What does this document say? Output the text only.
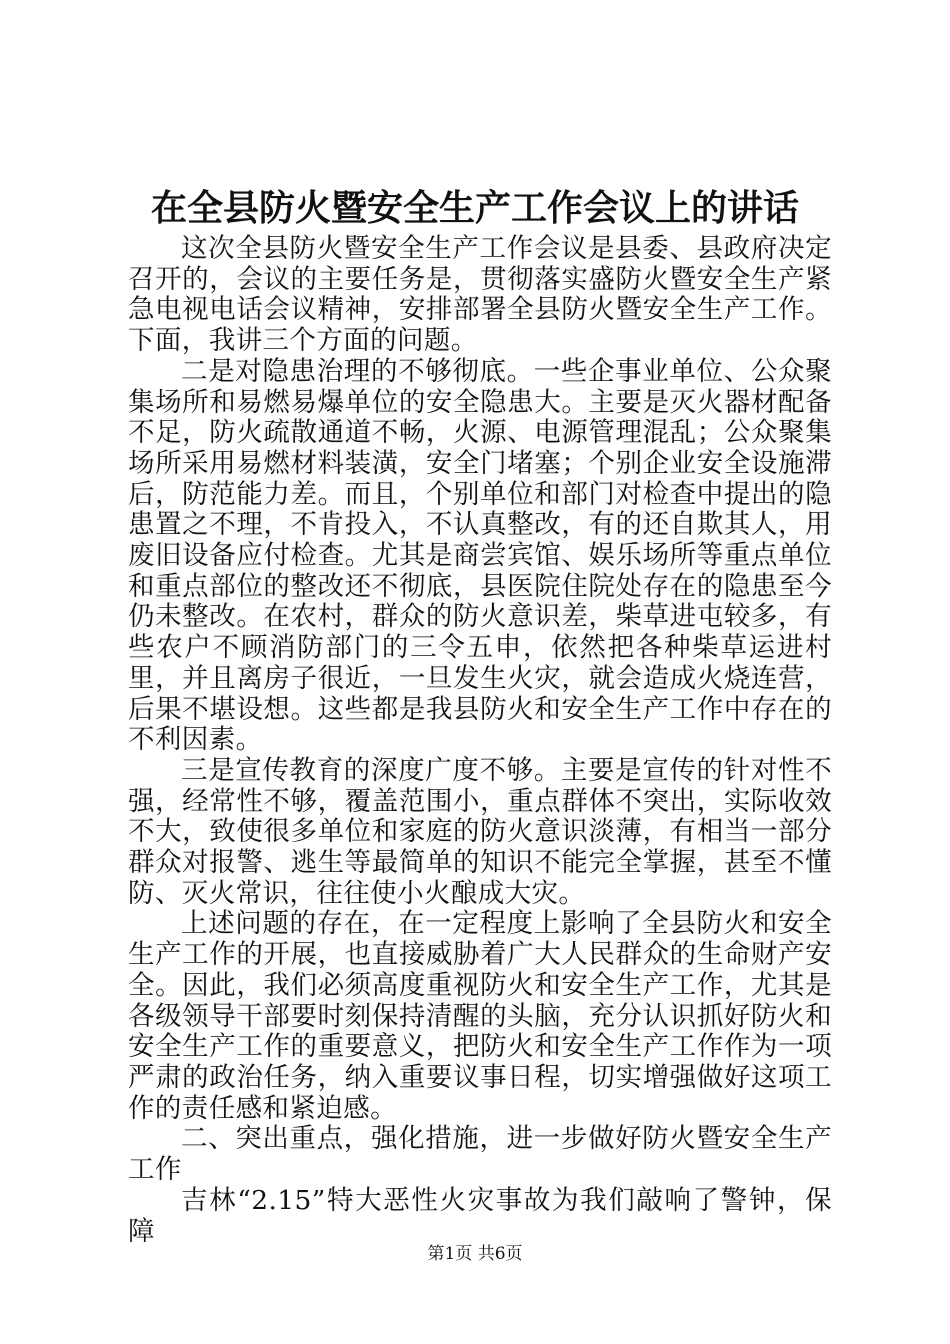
在全县防火暨安全生产工作会议上的讲话

这次全县防火暨安全生产工作会议是县委、县政府决定召开的，会议的主要任务是，贯彻落实盛防火暨安全生产紧急电视电话会议精神，安排部署全县防火暨安全生产工作。下面，我讲三个方面的问题。

二是对隐患治理的不够彻底。一些企事业单位、公众聚集场所和易燃易爆单位的安全隐患大。主要是灭火器材配备不足，防火疏散通道不畅，火源、电源管理混乱；公众聚集场所采用易燃材料装潢，安全门堵塞；个别企业安全设施滞后，防范能力差。而且，个别单位和部门对检查中提出的隐患置之不理，不肯投入，不认真整改，有的还自欺其人，用废旧设备应付检查。尤其是商尝宾馆、娱乐场所等重点单位和重点部位的整改还不彻底，县医院住院处存在的隐患至今仍未整改。在农村，群众的防火意识差，柴草进屯较多，有些农户不顾消防部门的三令五申，依然把各种柴草运进村里，并且离房子很近，一旦发生火灾，就会造成火烧连营，后果不堪设想。这些都是我县防火和安全生产工作中存在的不利因素。

三是宣传教育的深度广度不够。主要是宣传的针对性不强，经常性不够，覆盖范围小，重点群体不突出，实际收效不大，致使很多单位和家庭的防火意识淡薄，有相当一部分群众对报警、逃生等最简单的知识不能完全掌握，甚至不懂防、灭火常识，往往使小火酿成大灾。

上述问题的存在，在一定程度上影响了全县防火和安全生产工作的开展，也直接威胁着广大人民群众的生命财产安全。因此，我们必须高度重视防火和安全生产工作，尤其是各级领导干部要时刻保持清醒的头脑，充分认识抓好防火和安全生产工作的重要意义，把防火和安全生产工作作为一项严肃的政治任务，纳入重要议事日程，切实增强做好这项工作的责任感和紧迫感。

二、突出重点，强化措施，进一步做好防火暨安全生产工作

吉林“2.15”特大恶性火灾事故为我们敲响了警钟，保障

第1页 共6页
